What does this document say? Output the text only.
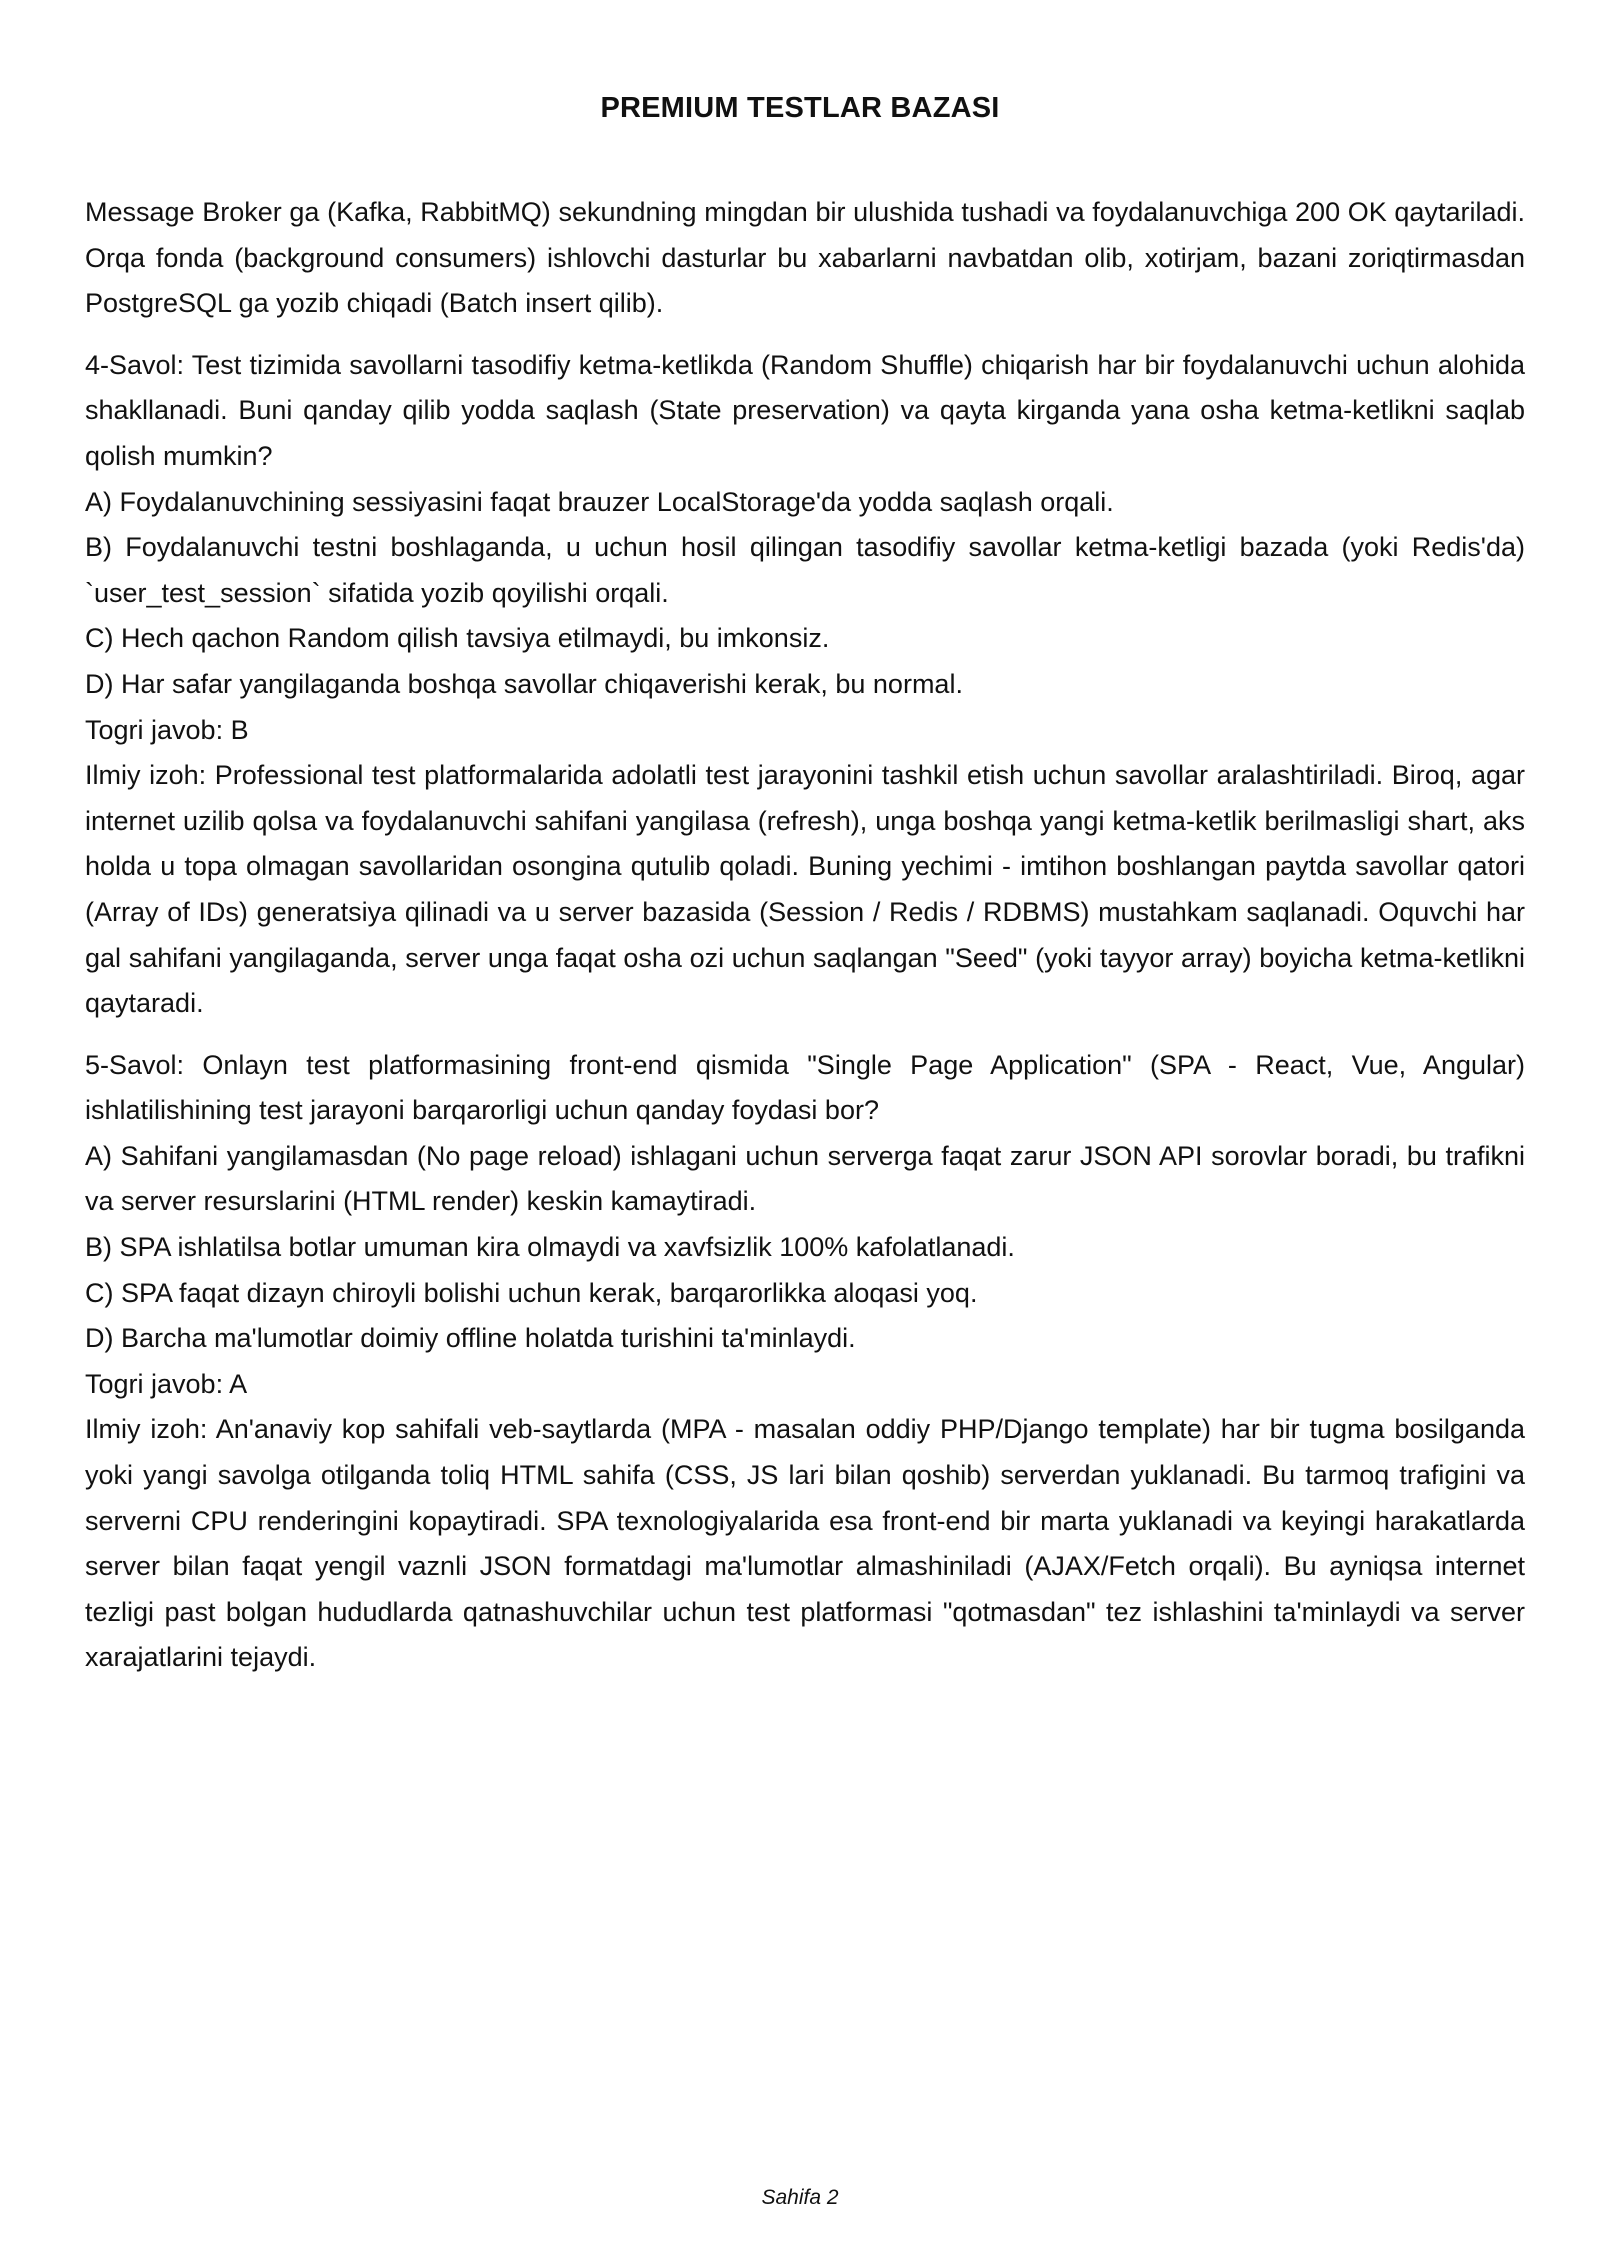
PREMIUM TESTLAR BAZASI

Message Broker ga (Kafka, RabbitMQ) sekundning mingdan bir ulushida tushadi va foydalanuvchiga 200 OK qaytariladi. Orqa fonda (background consumers) ishlovchi dasturlar bu xabarlarni navbatdan olib, xotirjam, bazani zoriqtirmasdan PostgreSQL ga yozib chiqadi (Batch insert qilib).

4-Savol: Test tizimida savollarni tasodifiy ketma-ketlikda (Random Shuffle) chiqarish har bir foydalanuvchi uchun alohida shakllanadi. Buni qanday qilib yodda saqlash (State preservation) va qayta kirganda yana osha ketma-ketlikni saqlab qolish mumkin?

A) Foydalanuvchining sessiyasini faqat brauzer LocalStorage'da yodda saqlash orqali.

B) Foydalanuvchi testni boshlaganda, u uchun hosil qilingan tasodifiy savollar ketma-ketligi bazada (yoki Redis'da) `user_test_session` sifatida yozib qoyilishi orqali.

C) Hech qachon Random qilish tavsiya etilmaydi, bu imkonsiz.

D) Har safar yangilaganda boshqa savollar chiqaverishi kerak, bu normal.

Togri javob: B

Ilmiy izoh: Professional test platformalarida adolatli test jarayonini tashkil etish uchun savollar aralashtiriladi. Biroq, agar internet uzilib qolsa va foydalanuvchi sahifani yangilasa (refresh), unga boshqa yangi ketma-ketlik berilmasligi shart, aks holda u topa olmagan savollaridan osongina qutulib qoladi. Buning yechimi - imtihon boshlangan paytda savollar qatori (Array of IDs) generatsiya qilinadi va u server bazasida (Session / Redis / RDBMS) mustahkam saqlanadi. Oquvchi har gal sahifani yangilaganda, server unga faqat osha ozi uchun saqlangan "Seed" (yoki tayyor array) boyicha ketma-ketlikni qaytaradi.

5-Savol: Onlayn test platformasining front-end qismida "Single Page Application" (SPA - React, Vue, Angular) ishlatilishining test jarayoni barqarorligi uchun qanday foydasi bor?

A) Sahifani yangilamasdan (No page reload) ishlagani uchun serverga faqat zarur JSON API sorovlar boradi, bu trafikni va server resurslarini (HTML render) keskin kamaytiradi.

B) SPA ishlatilsa botlar umuman kira olmaydi va xavfsizlik 100% kafolatlanadi.

C) SPA faqat dizayn chiroyli bolishi uchun kerak, barqarorlikka aloqasi yoq.

D) Barcha ma'lumotlar doimiy offline holatda turishini ta'minlaydi.

Togri javob: A

Ilmiy izoh: An'anaviy kop sahifali veb-saytlarda (MPA - masalan oddiy PHP/Django template) har bir tugma bosilganda yoki yangi savolga otilganda toliq HTML sahifa (CSS, JS lari bilan qoshib) serverdan yuklanadi. Bu tarmoq trafigini va serverni CPU renderingini kopaytiradi. SPA texnologiyalarida esa front-end bir marta yuklanadi va keyingi harakatlarda server bilan faqat yengil vaznli JSON formatdagi ma'lumotlar almashiniladi (AJAX/Fetch orqali). Bu ayniqsa internet tezligi past bolgan hududlarda qatnashuvchilar uchun test platformasi "qotmasdan" tez ishlashini ta'minlaydi va server xarajatlarini tejaydi.

Sahifa 2
